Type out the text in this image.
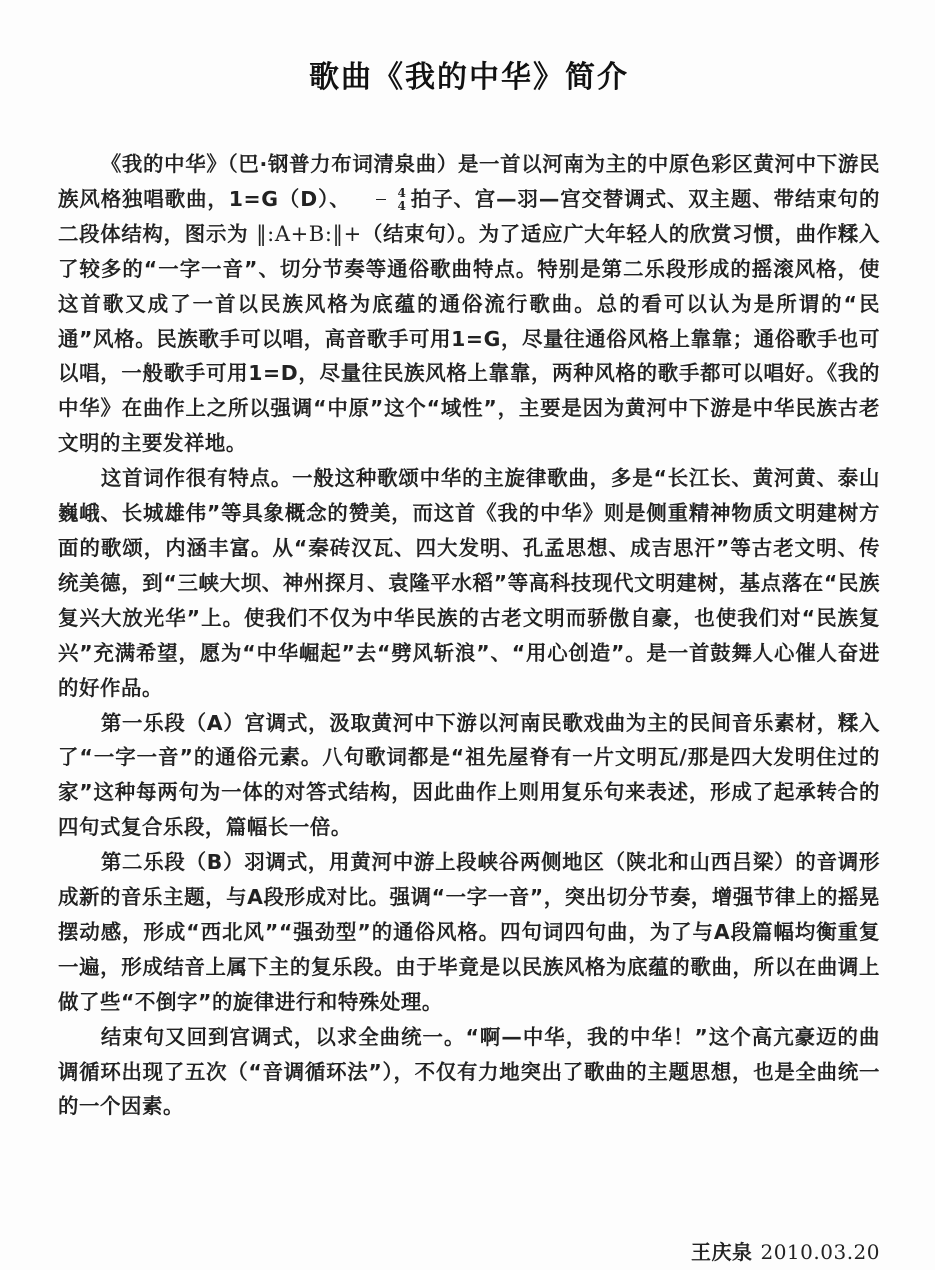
歌曲《我的中华》简介

《我的中华》（巴·钢普力布词清泉曲）是一首以河南为主的中原色彩区黄河中下游民族风格独唱歌曲，1=G（D）、 $\frac{4}{4}$ 拍子、宫—羽—宫交替调式、双主题、带结束句的二段体结构，图示为 ‖:A+B:‖+（结束句）。为了适应广大年轻人的欣赏习惯，曲作糅入了较多的“一字一音”、切分节奏等通俗歌曲特点。特别是第二乐段形成的摇滚风格，使这首歌又成了一首以民族风格为底蕴的通俗流行歌曲。总的看可以认为是所谓的“民通”风格。民族歌手可以唱，高音歌手可用1=G，尽量往通俗风格上靠靠；通俗歌手也可以唱，一般歌手可用1=D，尽量往民族风格上靠靠，两种风格的歌手都可以唱好。《我的中华》在曲作上之所以强调“中原”这个“域性”，主要是因为黄河中下游是中华民族古老文明的主要发祥地。

这首词作很有特点。一般这种歌颂中华的主旋律歌曲，多是“长江长、黄河黄、泰山巍峨、长城雄伟”等具象概念的赞美，而这首《我的中华》则是侧重精神物质文明建树方面的歌颂，内涵丰富。从“秦砖汉瓦、四大发明、孔孟思想、成吉思汗”等古老文明、传统美德，到“三峡大坝、神州探月、袁隆平水稻”等高科技现代文明建树，基点落在“民族复兴大放光华”上。使我们不仅为中华民族的古老文明而骄傲自豪，也使我们对“民族复兴”充满希望，愿为“中华崛起”去“劈风斩浪”、“用心创造”。是一首鼓舞人心催人奋进的好作品。

第一乐段（A）宫调式，汲取黄河中下游以河南民歌戏曲为主的民间音乐素材，糅入了“一字一音”的通俗元素。八句歌词都是“祖先屋脊有一片文明瓦/那是四大发明住过的家”这种每两句为一体的对答式结构，因此曲作上则用复乐句来表述，形成了起承转合的四句式复合乐段，篇幅长一倍。

第二乐段（B）羽调式，用黄河中游上段峡谷两侧地区（陕北和山西吕梁）的音调形成新的音乐主题，与A段形成对比。强调“一字一音”，突出切分节奏，增强节律上的摇晃摆动感，形成“西北风”“强劲型”的通俗风格。四句词四句曲，为了与A段篇幅均衡重复一遍，形成结音上属下主的复乐段。由于毕竟是以民族风格为底蕴的歌曲，所以在曲调上做了些“不倒字”的旋律进行和特殊处理。

结束句又回到宫调式，以求全曲统一。“啊—中华，我的中华！”这个高亢豪迈的曲调循环出现了五次（“音调循环法”），不仅有力地突出了歌曲的主题思想，也是全曲统一的一个因素。

王庆泉 2010.03.20
